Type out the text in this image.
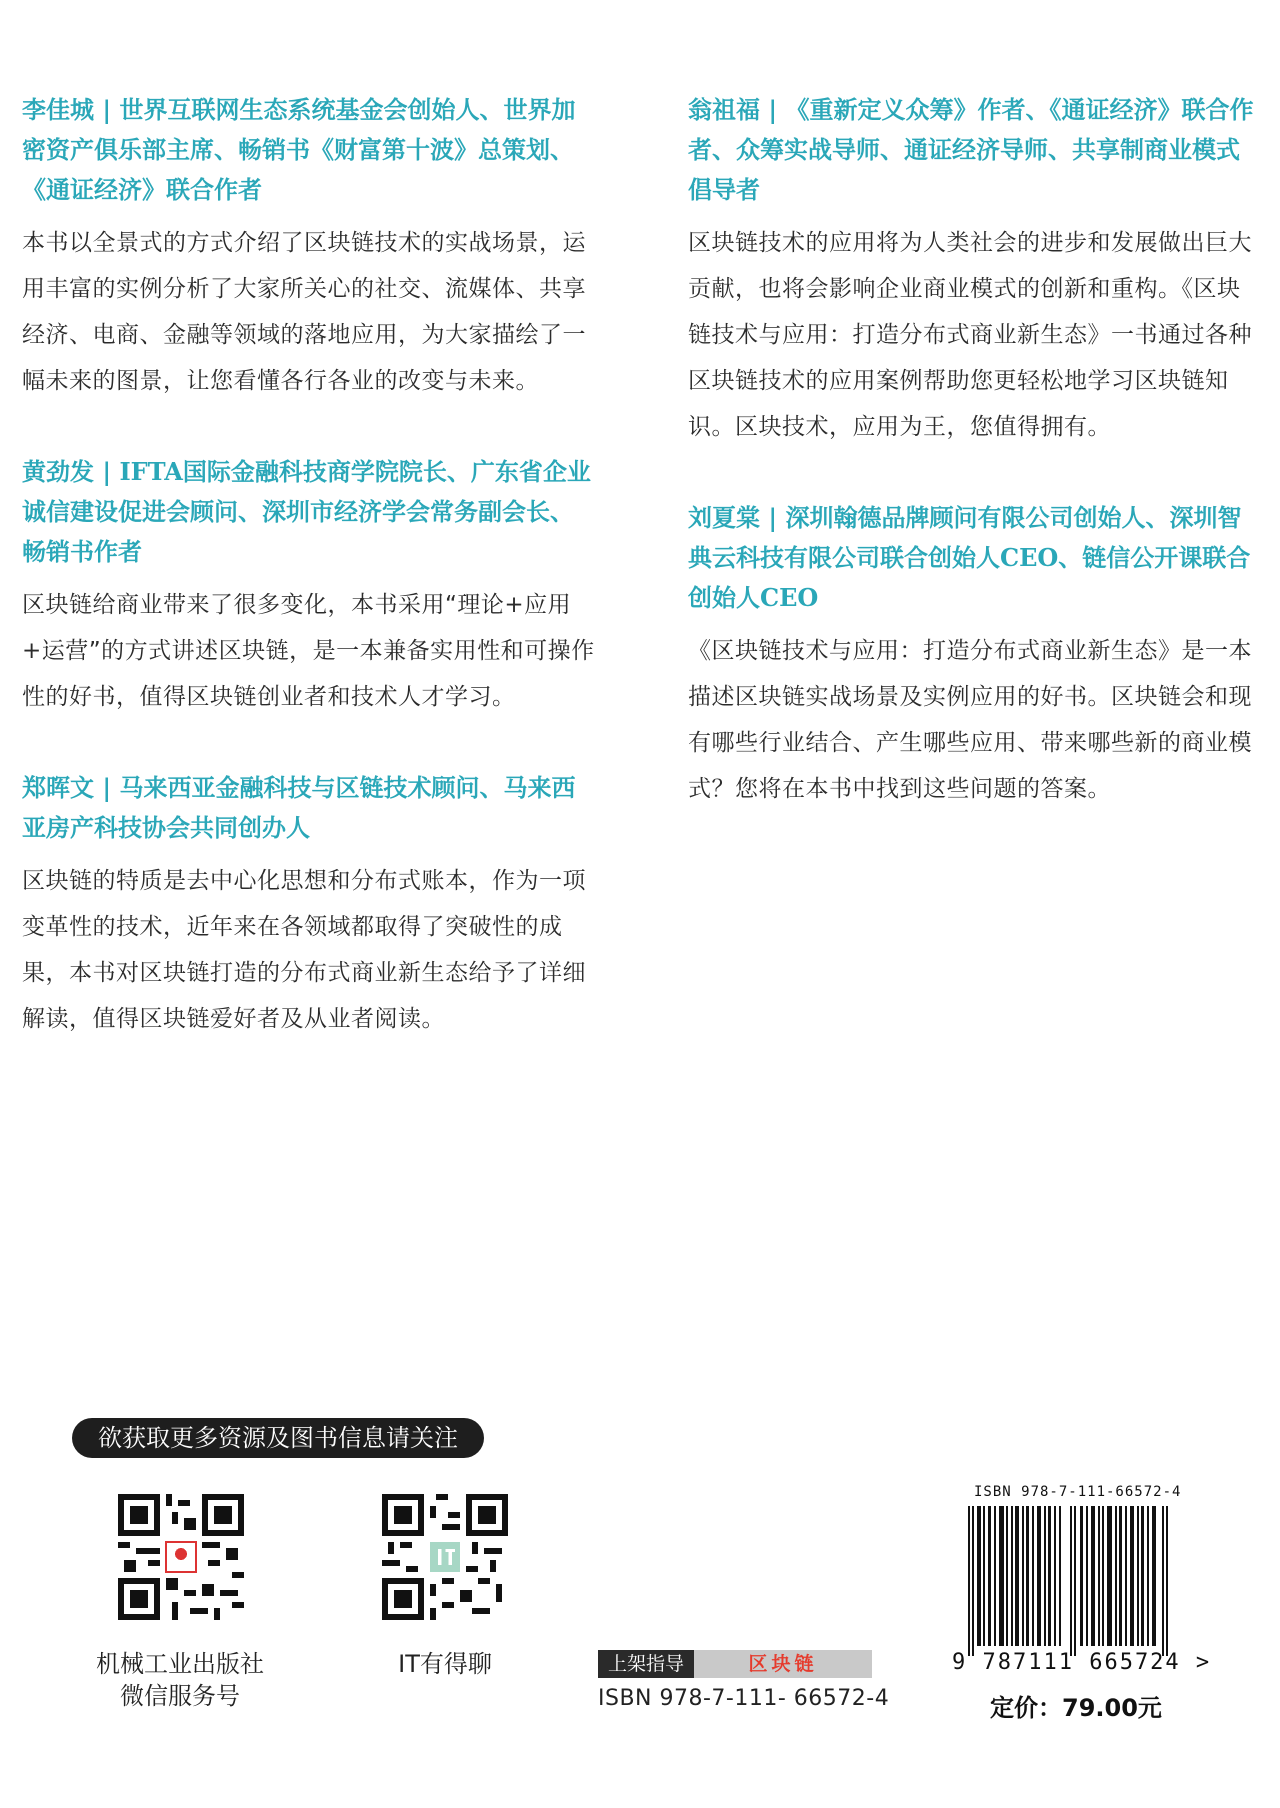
李佳城 | 世界互联网生态系统基金会创始人、世界加密资产俱乐部主席、畅销书《财富第十波》总策划、《通证经济》联合作者

本书以全景式的方式介绍了区块链技术的实战场景，运用丰富的实例分析了大家所关心的社交、流媒体、共享经济、电商、金融等领域的落地应用，为大家描绘了一幅未来的图景，让您看懂各行各业的改变与未来。

黄劲发 | IFTA国际金融科技商学院院长、广东省企业诚信建设促进会顾问、深圳市经济学会常务副会长、畅销书作者

区块链给商业带来了很多变化，本书采用“理论+应用+运营”的方式讲述区块链，是一本兼备实用性和可操作性的好书，值得区块链创业者和技术人才学习。

郑晖文 | 马来西亚金融科技与区链技术顾问、马来西亚房产科技协会共同创办人

区块链的特质是去中心化思想和分布式账本，作为一项变革性的技术，近年来在各领域都取得了突破性的成果，本书对区块链打造的分布式商业新生态给予了详细解读，值得区块链爱好者及从业者阅读。

翁祖福 | 《重新定义众筹》作者、《通证经济》联合作者、众筹实战导师、通证经济导师、共享制商业模式倡导者

区块链技术的应用将为人类社会的进步和发展做出巨大贡献，也将会影响企业商业模式的创新和重构。《区块链技术与应用：打造分布式商业新生态》一书通过各种区块链技术的应用案例帮助您更轻松地学习区块链知识。区块技术，应用为王，您值得拥有。

刘夏棠 | 深圳翰德品牌顾问有限公司创始人、深圳智典云科技有限公司联合创始人CEO、链信公开课联合创始人CEO

《区块链技术与应用：打造分布式商业新生态》是一本描述区块链实战场景及实例应用的好书。区块链会和现有哪些行业结合、产生哪些应用、带来哪些新的商业模式？您将在本书中找到这些问题的答案。

欲获取更多资源及图书信息请关注
机械工业出版社
微信服务号
IT有得聊	上架指导	区块链
ISBN 978-7-111- 66572-4
ISBN 978-7-111-66572-4
9 787111 665724 >
定价：79.00元
